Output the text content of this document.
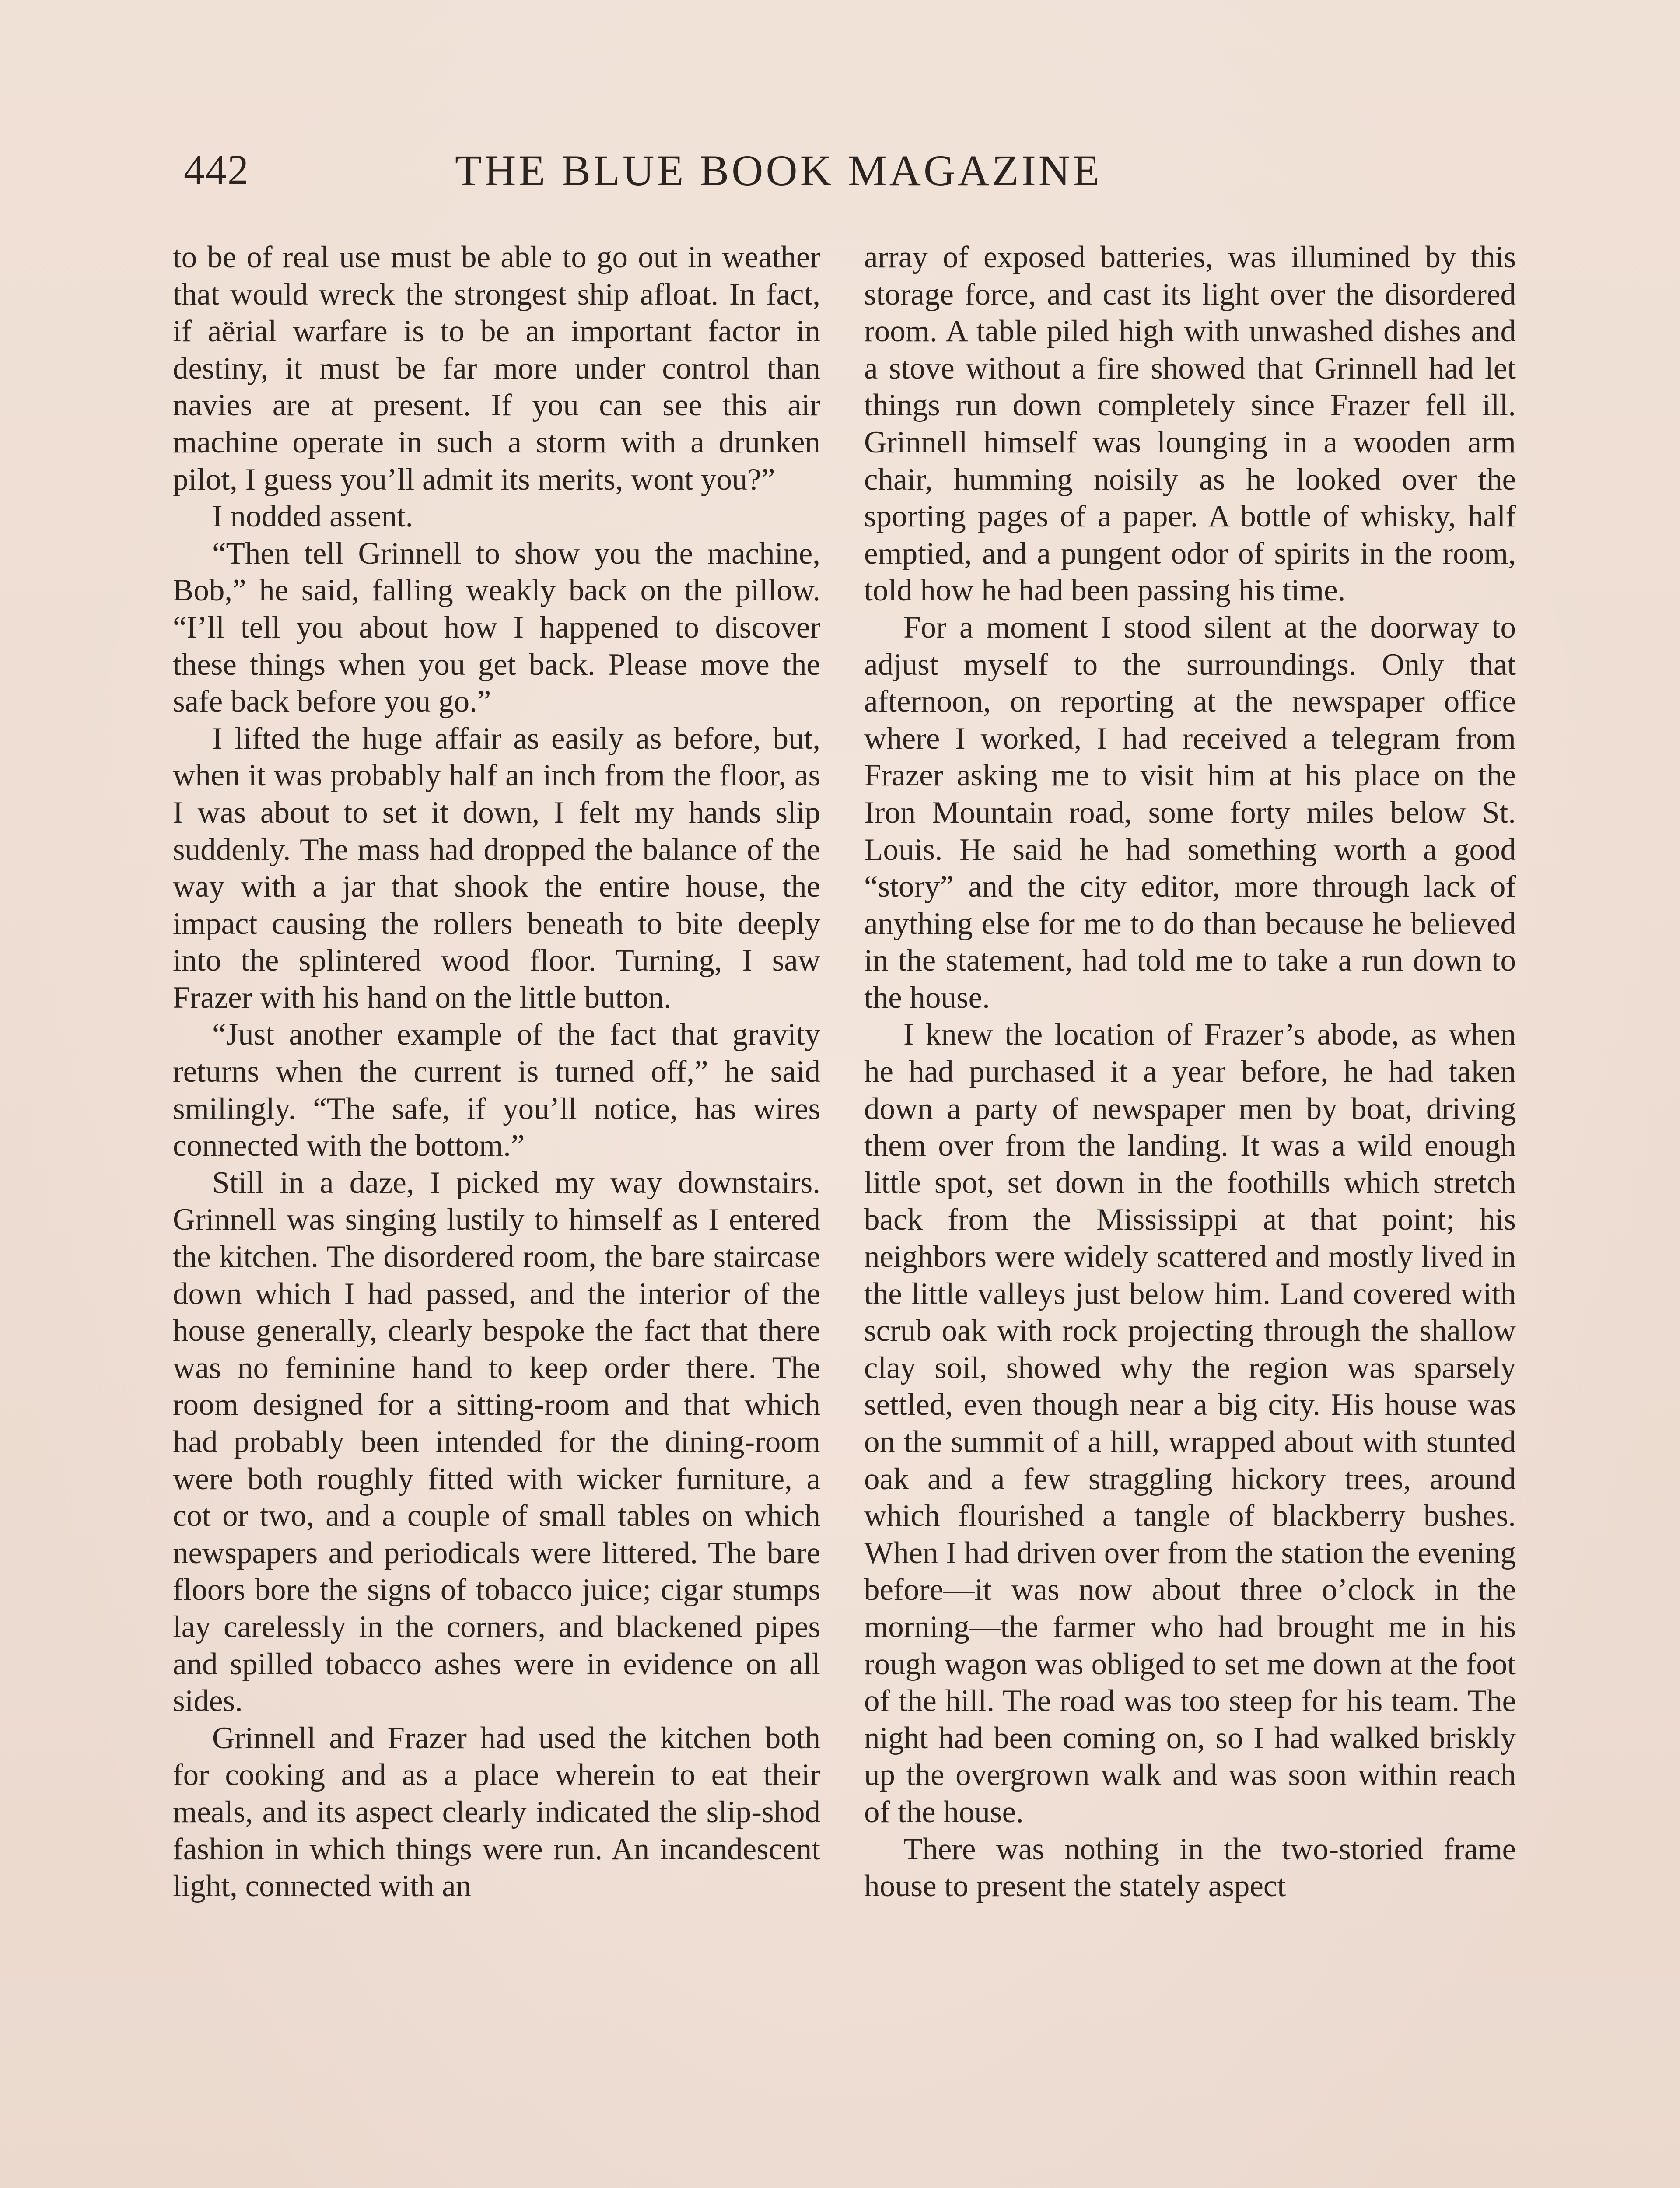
442	THE BLUE BOOK MAGAZINE

to be of real use must be able to go out in weather that would wreck the strongest ship afloat. In fact, if aërial warfare is to be an important factor in destiny, it must be far more under control than navies are at present. If you can see this air machine operate in such a storm with a drunken pilot, I guess you’ll admit its merits, wont you?”

I nodded assent.

“Then tell Grinnell to show you the machine, Bob,” he said, falling weakly back on the pillow. “I’ll tell you about how I happened to discover these things when you get back. Please move the safe back before you go.”

I lifted the huge affair as easily as before, but, when it was probably half an inch from the floor, as I was about to set it down, I felt my hands slip suddenly. The mass had dropped the balance of the way with a jar that shook the entire house, the impact causing the rollers beneath to bite deeply into the splintered wood floor. Turning, I saw Frazer with his hand on the little button.

“Just another example of the fact that gravity returns when the current is turned off,” he said smilingly. “The safe, if you’ll notice, has wires connected with the bottom.”

Still in a daze, I picked my way downstairs. Grinnell was singing lustily to himself as I entered the kitchen. The disordered room, the bare staircase down which I had passed, and the interior of the house generally, clearly bespoke the fact that there was no feminine hand to keep order there. The room designed for a sitting-room and that which had probably been intended for the dining-room were both roughly fitted with wicker furniture, a cot or two, and a couple of small tables on which newspapers and periodicals were littered. The bare floors bore the signs of tobacco juice; cigar stumps lay carelessly in the corners, and blackened pipes and spilled tobacco ashes were in evidence on all sides.

Grinnell and Frazer had used the kitchen both for cooking and as a place wherein to eat their meals, and its aspect clearly indicated the slip-shod fashion in which things were run. An incandescent light, connected with an

array of exposed batteries, was illumined by this storage force, and cast its light over the disordered room. A table piled high with unwashed dishes and a stove without a fire showed that Grinnell had let things run down completely since Frazer fell ill. Grinnell himself was lounging in a wooden arm chair, humming noisily as he looked over the sporting pages of a paper. A bottle of whisky, half emptied, and a pungent odor of spirits in the room, told how he had been passing his time.

For a moment I stood silent at the doorway to adjust myself to the surroundings. Only that afternoon, on reporting at the newspaper office where I worked, I had received a telegram from Frazer asking me to visit him at his place on the Iron Mountain road, some forty miles below St. Louis. He said he had something worth a good “story” and the city editor, more through lack of anything else for me to do than because he believed in the statement, had told me to take a run down to the house.

I knew the location of Frazer’s abode, as when he had purchased it a year before, he had taken down a party of newspaper men by boat, driving them over from the landing. It was a wild enough little spot, set down in the foothills which stretch back from the Mississippi at that point; his neighbors were widely scattered and mostly lived in the little valleys just below him. Land covered with scrub oak with rock projecting through the shallow clay soil, showed why the region was sparsely settled, even though near a big city. His house was on the summit of a hill, wrapped about with stunted oak and a few straggling hickory trees, around which flourished a tangle of blackberry bushes. When I had driven over from the station the evening before—it was now about three o’clock in the morning—the farmer who had brought me in his rough wagon was obliged to set me down at the foot of the hill. The road was too steep for his team. The night had been coming on, so I had walked briskly up the overgrown walk and was soon within reach of the house.

There was nothing in the two-storied frame house to present the stately aspect
